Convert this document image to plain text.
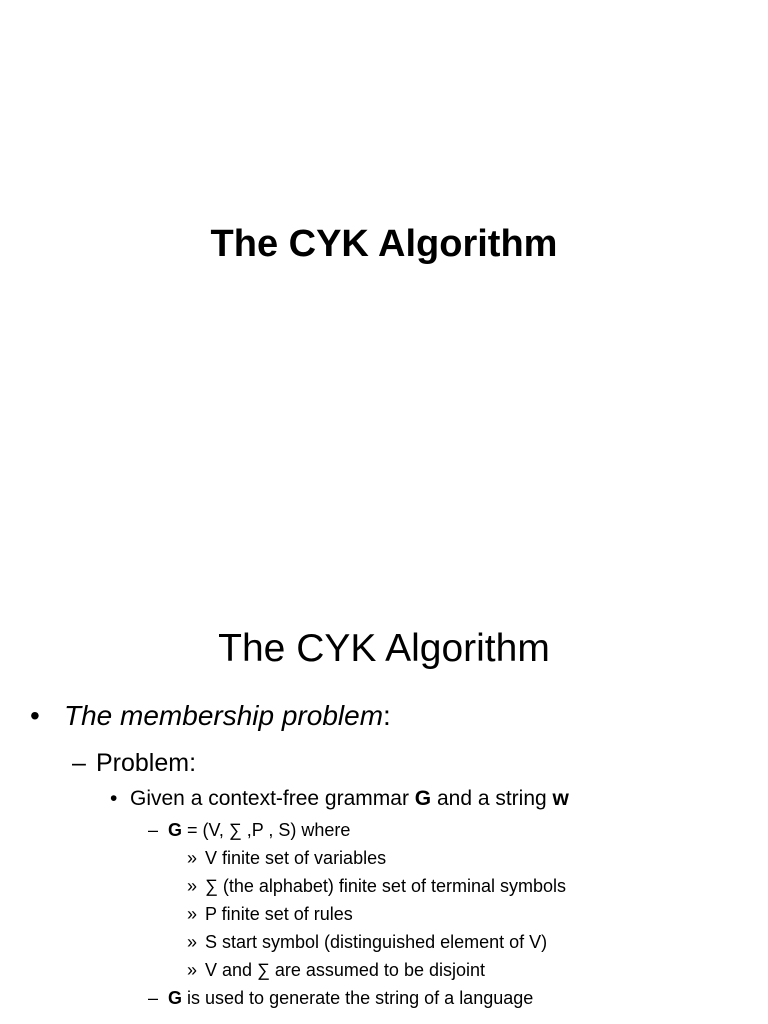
The CYK Algorithm
The CYK Algorithm
• The membership problem:
– Problem:
• Given a context-free grammar G and a string w
– G = (V, ∑ ,P , S) where
» V finite set of variables
» ∑ (the alphabet) finite set of terminal symbols
» P finite set of rules
» S start symbol (distinguished element of V)
» V and ∑ are assumed to be disjoint
– G is used to generate the string of a language
